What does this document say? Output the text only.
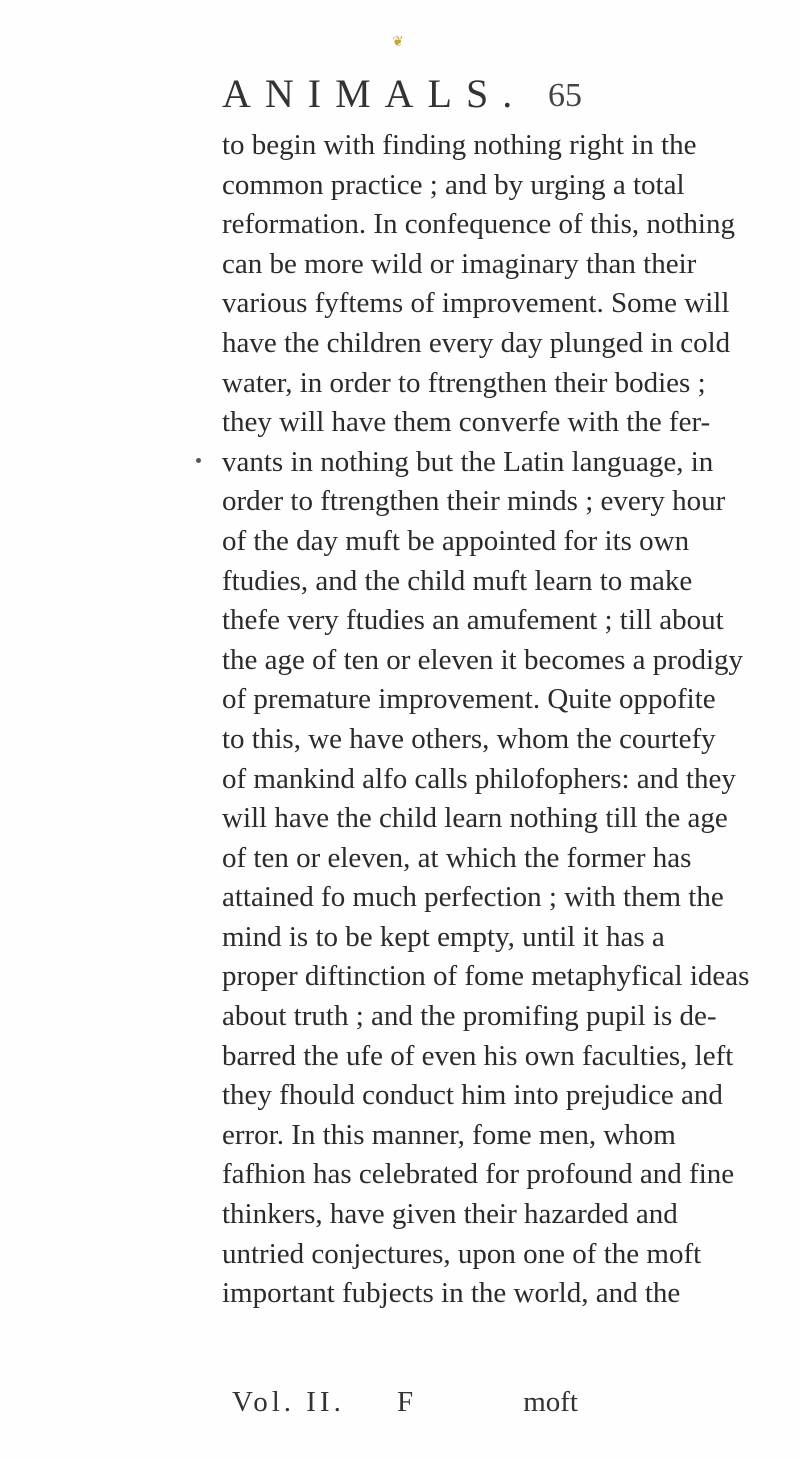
❦
ANIMALS. 65
to begin with finding nothing right in the
common practice ; and by urging a total
reformation. In confequence of this, nothing
can be more wild or imaginary than their
various fyftems of improvement. Some will
have the children every day plunged in cold
water, in order to ftrengthen their bodies ;
they will have them converfe with the fer-
vants in nothing but the Latin language, in
order to ftrengthen their minds ; every hour
of the day muft be appointed for its own
ftudies, and the child muft learn to make
thefe very ftudies an amufement ; till about
the age of ten or eleven it becomes a prodigy
of premature improvement. Quite oppofite
to this, we have others, whom the courtefy
of mankind alfo calls philofophers: and they
will have the child learn nothing till the age
of ten or eleven, at which the former has
attained fo much perfection ; with them the
mind is to be kept empty, until it has a
proper diftinction of fome metaphyfical ideas
about truth ; and the promifing pupil is de-
barred the ufe of even his own faculties, left
they fhould conduct him into prejudice and
error. In this manner, fome men, whom
fafhion has celebrated for profound and fine
thinkers, have given their hazarded and
untried conjectures, upon one of the moft
important fubjects in the world, and the
Vol. II. F	moft
